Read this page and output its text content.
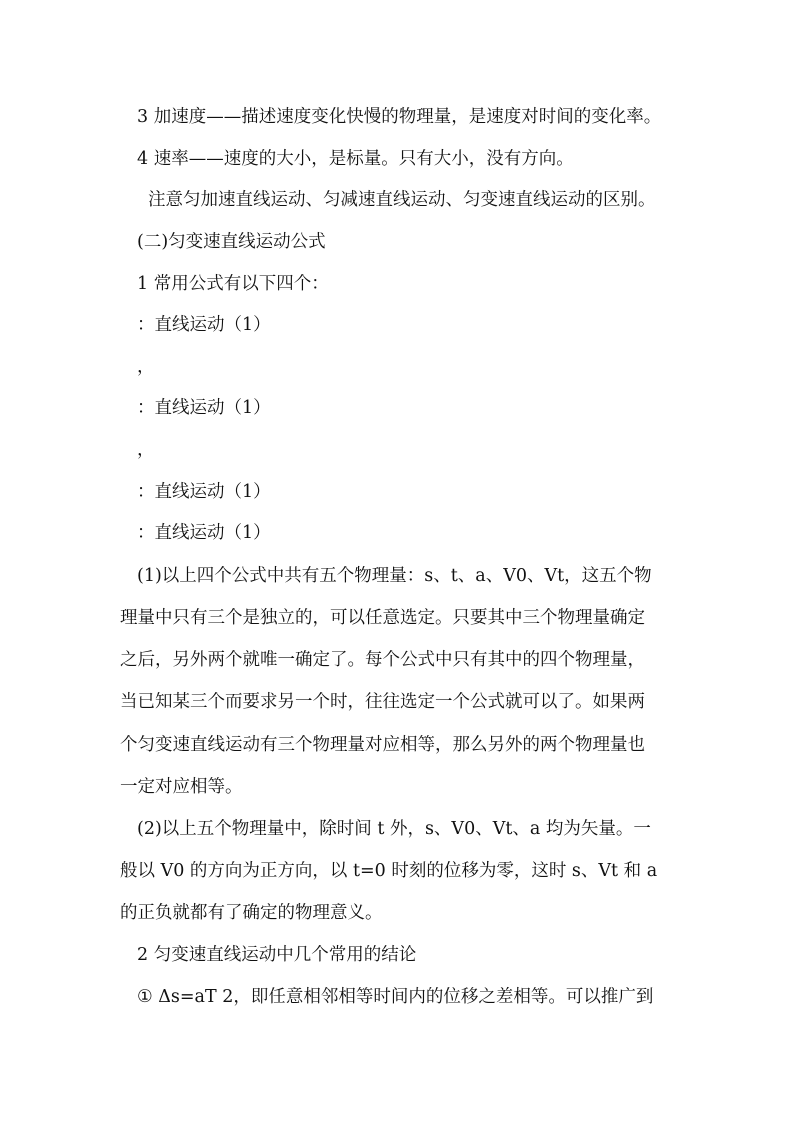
3 加速度——描述速度变化快慢的物理量，是速度对时间的变化率。
4 速率——速度的大小，是标量。只有大小，没有方向。
注意匀加速直线运动、匀减速直线运动、匀变速直线运动的区别。
(二)匀变速直线运动公式
1 常用公式有以下四个：
：直线运动（1）
，
：直线运动（1）
，
：直线运动（1）
：直线运动（1）
(1)以上四个公式中共有五个物理量：s、t、a、V0、Vt，这五个物
理量中只有三个是独立的，可以任意选定。只要其中三个物理量确定
之后，另外两个就唯一确定了。每个公式中只有其中的四个物理量，
当已知某三个而要求另一个时，往往选定一个公式就可以了。如果两
个匀变速直线运动有三个物理量对应相等，那么另外的两个物理量也
一定对应相等。
(2)以上五个物理量中，除时间 t 外，s、V0、Vt、a 均为矢量。一
般以 V0 的方向为正方向，以 t=0 时刻的位移为零，这时 s、Vt 和 a
的正负就都有了确定的物理意义。
2 匀变速直线运动中几个常用的结论
① Δs=aT 2，即任意相邻相等时间内的位移之差相等。可以推广到
